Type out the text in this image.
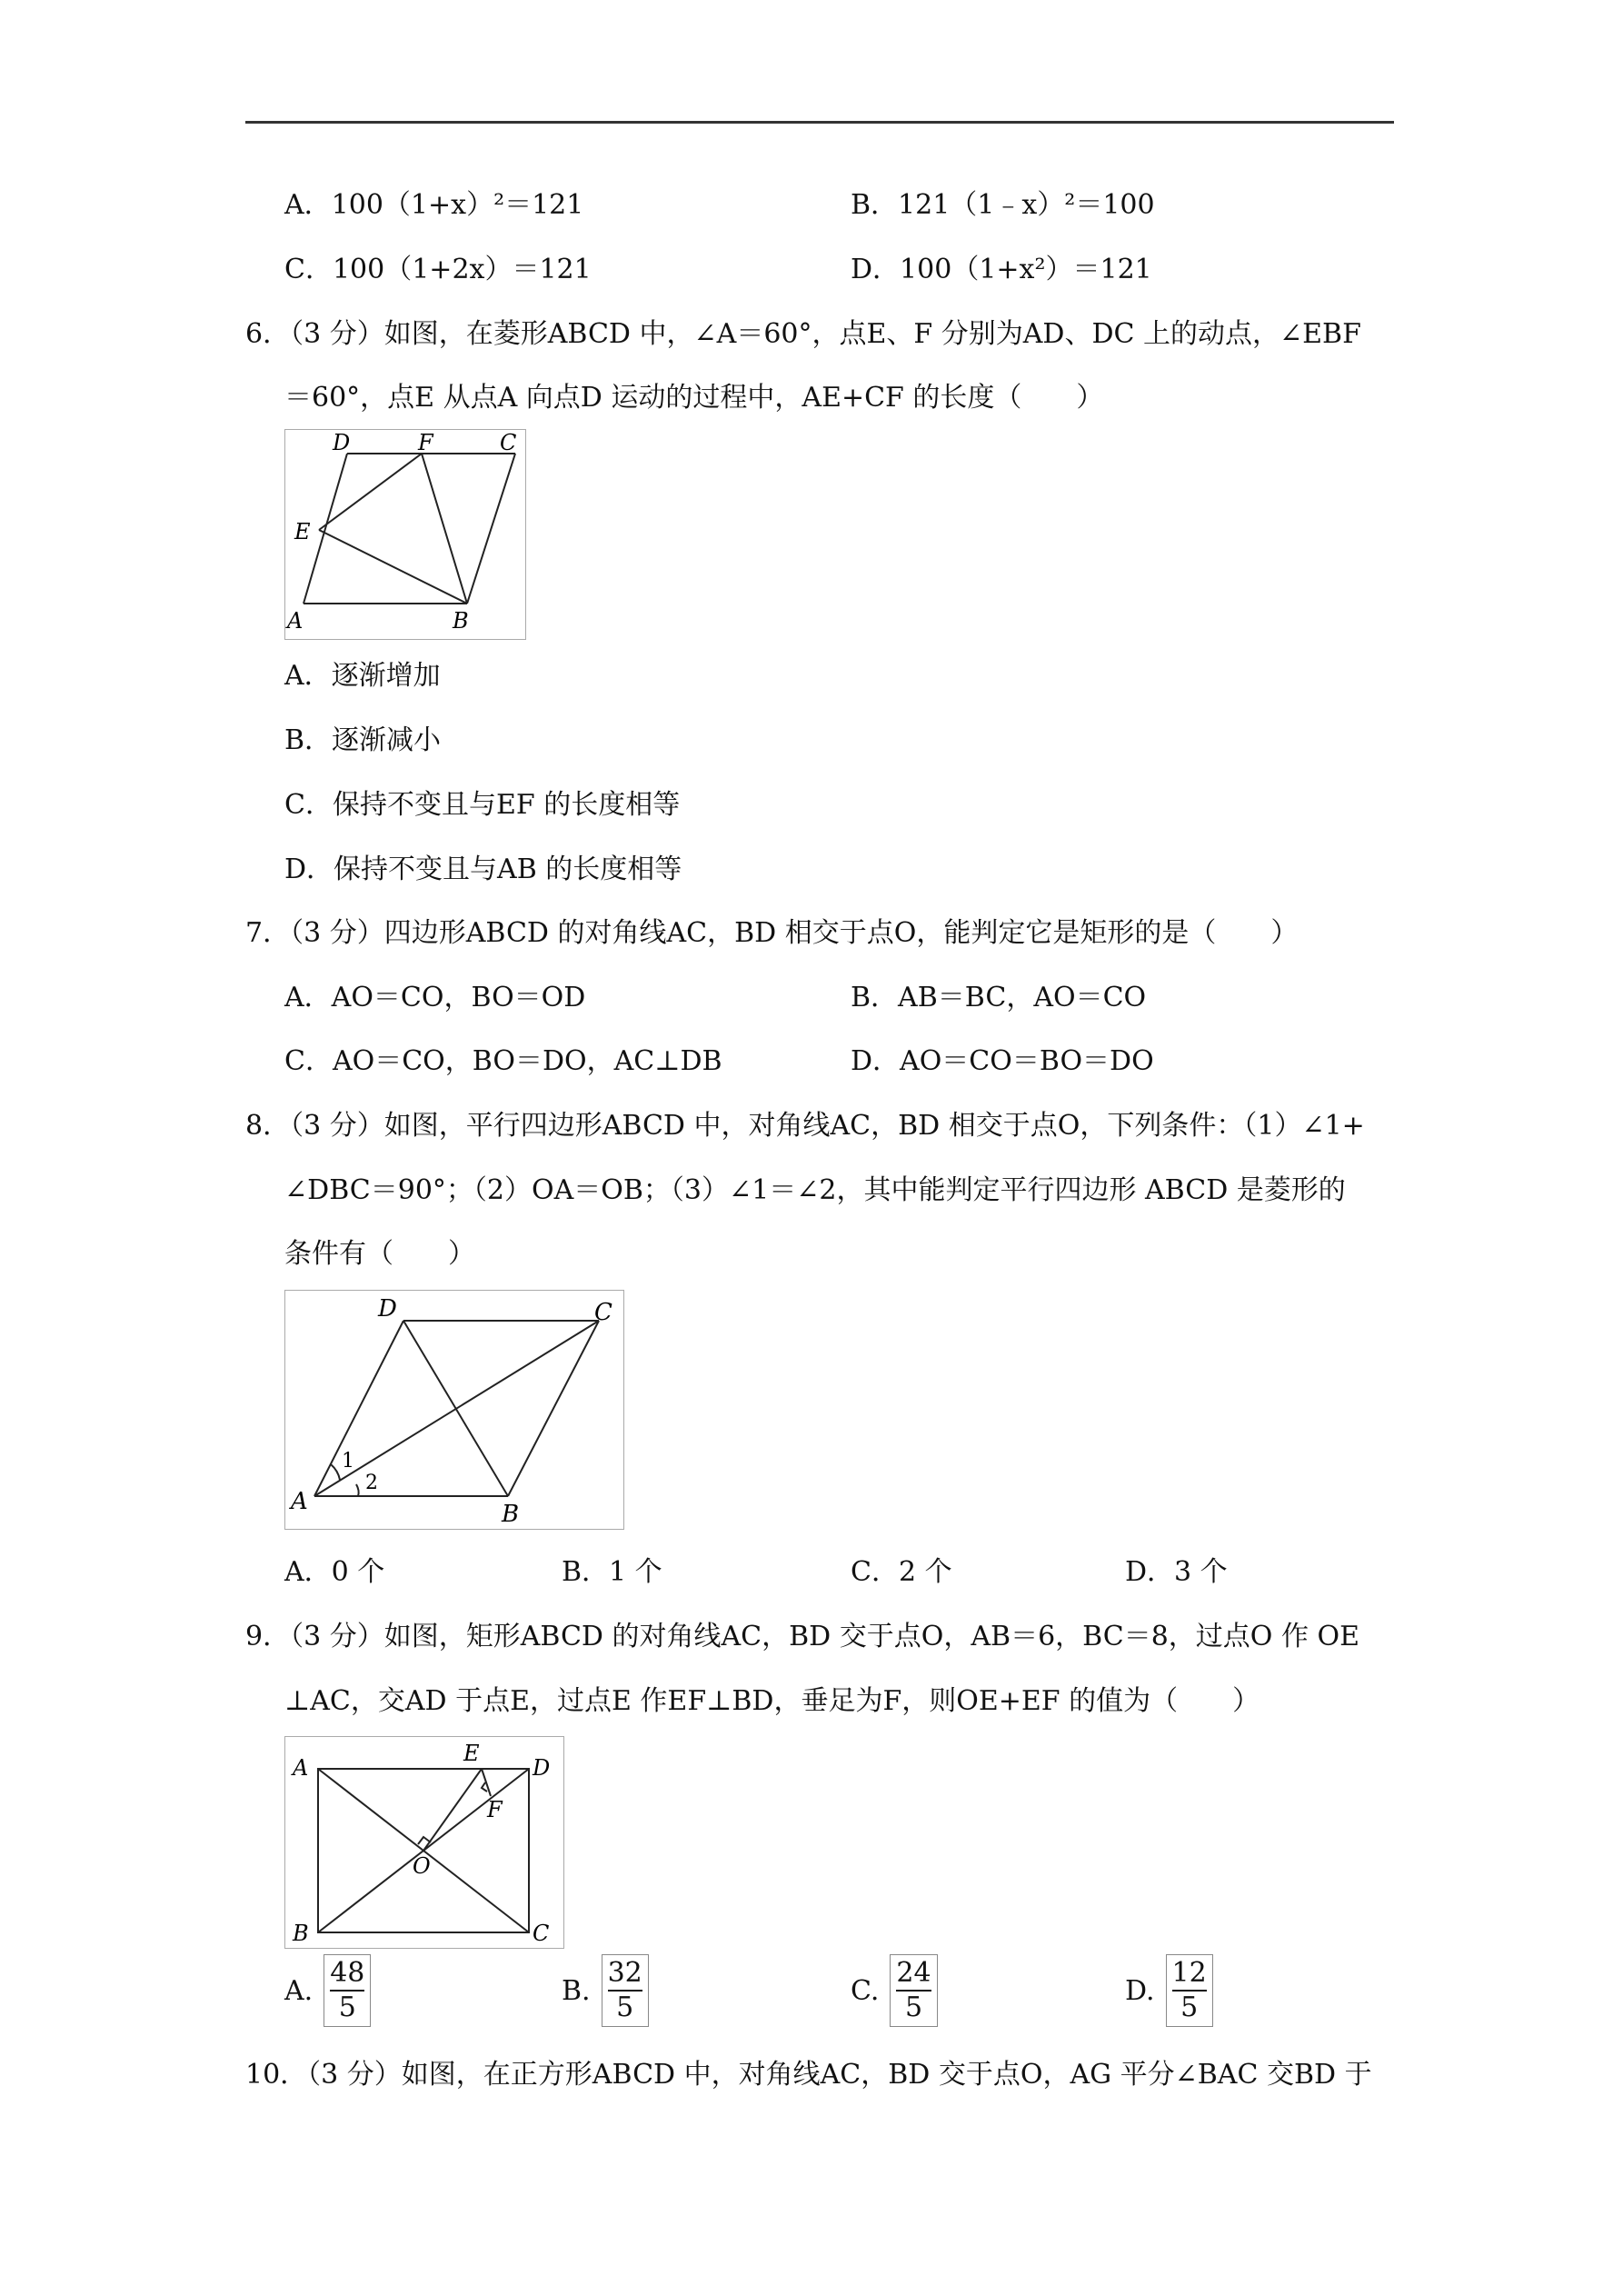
A．100（1+x）²＝121	B．121（1﹣x）²＝100
C．100（1+2x）＝121	D．100（1+x²）＝121
6．（3 分）如图，在菱形ABCD 中，∠A＝60°，点E、F 分别为AD、DC 上的动点，∠EBF
＝60°，点E 从点A 向点D 运动的过程中，AE+CF 的长度（　　）
D	F	C
E
A	B
A．逐渐增加
B．逐渐减小
C．保持不变且与EF 的长度相等
D．保持不变且与AB 的长度相等
7．（3 分）四边形ABCD 的对角线AC，BD 相交于点O，能判定它是矩形的是（　　）
A．AO＝CO，BO＝OD	B．AB＝BC，AO＝CO
C．AO＝CO，BO＝DO，AC⊥DB	D．AO＝CO＝BO＝DO
8．（3 分）如图，平行四边形ABCD 中，对角线AC，BD 相交于点O，下列条件：（1）∠1+
∠DBC＝90°；（2）OA＝OB；（3）∠1＝∠2，其中能判定平行四边形 ABCD 是菱形的
条件有（　　）
D	C
A	B
1
2
A．0 个	B．1 个	C．2 个	D．3 个
9．（3 分）如图，矩形ABCD 的对角线AC，BD 交于点O，AB＝6，BC＝8，过点O 作 OE
⊥AC，交AD 于点E，过点E 作EF⊥BD，垂足为F，则OE+EF 的值为（　　）
A
E
D
F
O
B	C
A. $\frac{48}{5}$	B. $\frac{32}{5}$	C. $\frac{24}{5}$	D. $\frac{12}{5}$
10．（3 分）如图，在正方形ABCD 中，对角线AC，BD 交于点O，AG 平分∠BAC 交BD 于
